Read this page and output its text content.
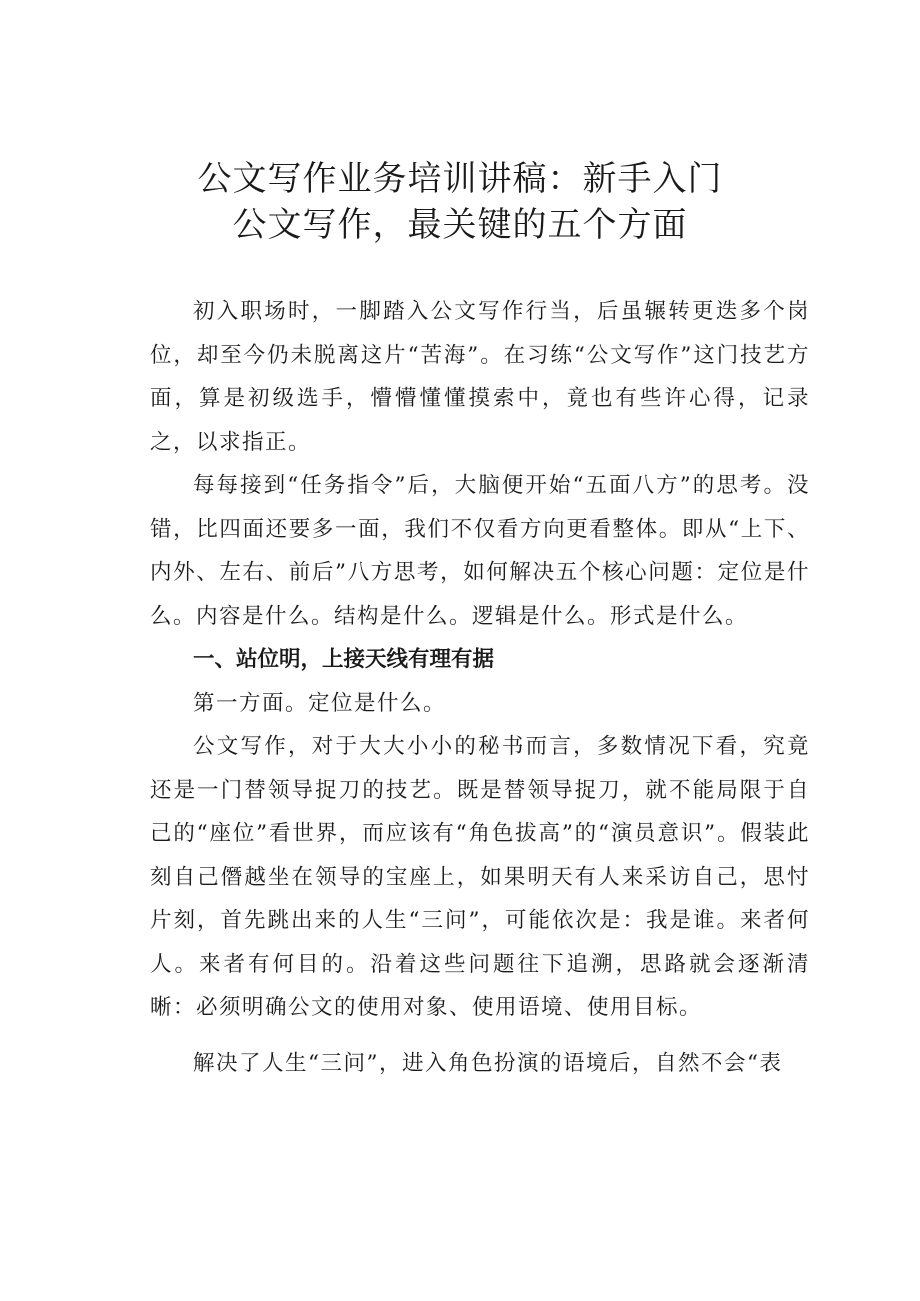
公文写作业务培训讲稿：新手入门

公文写作，最关键的五个方面

初入职场时，一脚踏入公文写作行当，后虽辗转更迭多个岗位，却至今仍未脱离这片“苦海”。在习练“公文写作”这门技艺方面，算是初级选手，懵懵懂懂摸索中，竟也有些许心得，记录之，以求指正。

每每接到“任务指令”后，大脑便开始“五面八方”的思考。没错，比四面还要多一面，我们不仅看方向更看整体。即从“上下、内外、左右、前后”八方思考，如何解决五个核心问题：定位是什么。内容是什么。结构是什么。逻辑是什么。形式是什么。

一、站位明，上接天线有理有据

第一方面。定位是什么。

公文写作，对于大大小小的秘书而言，多数情况下看，究竟还是一门替领导捉刀的技艺。既是替领导捉刀，就不能局限于自己的“座位”看世界，而应该有“角色拔高”的“演员意识”。假装此刻自己僭越坐在领导的宝座上，如果明天有人来采访自己，思忖片刻，首先跳出来的人生“三问”，可能依次是：我是谁。来者何人。来者有何目的。沿着这些问题往下追溯，思路就会逐渐清晰：必须明确公文的使用对象、使用语境、使用目标。

解决了人生“三问”，进入角色扮演的语境后，自然不会“表
